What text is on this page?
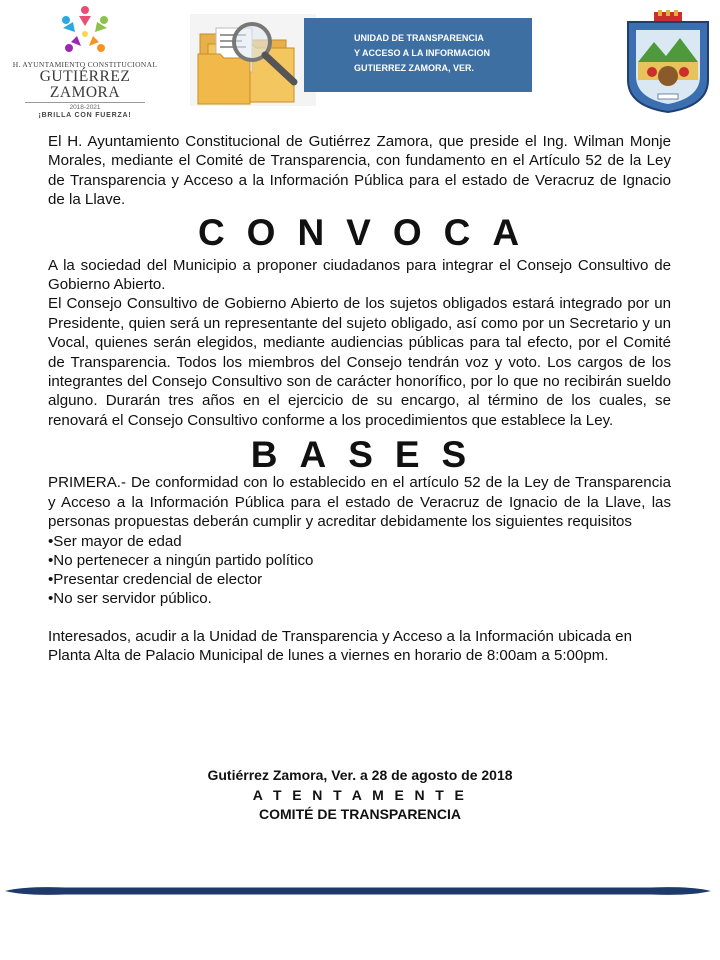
H. AYUNTAMIENTO CONSTITUCIONAL
GUTIÉRREZ ZAMORA
2018-2021
¡BRILLA CON FUERZA!
UNIDAD DE TRANSPARENCIA
Y ACCESO A LA INFORMACION
GUTIERREZ ZAMORA, VER.

El H. Ayuntamiento Constitucional de Gutiérrez Zamora, que preside el Ing. Wilman Monje Morales, mediante el Comité de Transparencia, con fundamento en el Artículo 52 de la Ley de Transparencia y Acceso a la Información Pública para el estado de Veracruz de Ignacio de la Llave.

CONVOCA

A la sociedad del Municipio a proponer ciudadanos para integrar el Consejo Consultivo de Gobierno Abierto.

El Consejo Consultivo de Gobierno Abierto de los sujetos obligados estará integrado por un Presidente, quien será un representante del sujeto obligado, así como por un Secretario y un Vocal, quienes serán elegidos, mediante audiencias públicas para tal efecto, por el Comité de Transparencia. Todos los miembros del Consejo tendrán voz y voto. Los cargos de los integrantes del Consejo Consultivo son de carácter honorífico, por lo que no recibirán sueldo alguno. Durarán tres años en el ejercicio de su encargo, al término de los cuales, se renovará el Consejo Consultivo conforme a los procedimientos que establece la Ley.

BASES

PRIMERA.- De conformidad con lo establecido en el artículo 52 de la Ley de Transparencia y Acceso a la Información Pública para el estado de Veracruz de Ignacio de la Llave, las personas propuestas deberán cumplir y acreditar debidamente los siguientes requisitos

• Ser mayor de edad
• No pertenecer a ningún partido político
• Presentar credencial de elector
• No ser servidor público.

Interesados, acudir a la Unidad de Transparencia y Acceso a la Información ubicada en Planta Alta de Palacio Municipal de lunes a viernes en horario de 8:00am a 5:00pm.

Gutiérrez Zamora, Ver. a 28 de agosto de 2018
A T E N T A M E N T E
COMITÉ DE TRANSPARENCIA
